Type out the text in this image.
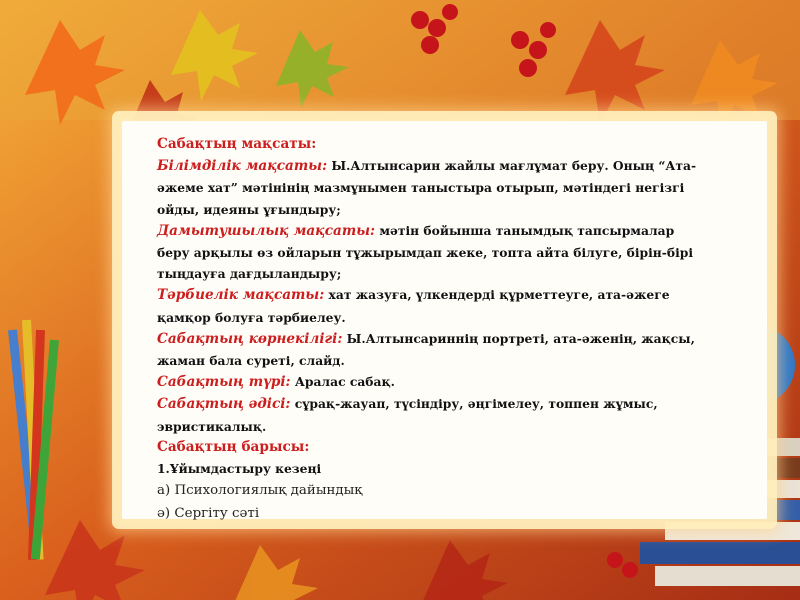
Сабақтың мақсаты:

Білімділік мақсаты: Ы.Алтынсарин жайлы мағлұмат беру. Оның “Ата-әжеме хат” мәтінінің мазмұнымен таныстыра отырып, мәтіндегі негізгі ойды, идеяны ұғындыру;

Дамытушылық мақсаты: мәтін бойынша танымдық тапсырмалар беру арқылы өз ойларын тұжырымдап жеке, топта айта білуге, бірін-бірі тыңдауға дағдыландыру;

Тәрбиелік мақсаты: хат жазуға, үлкендерді құрметтеуге, ата-әжеге қамқор болуға тәрбиелеу.

Сабақтың көрнекілігі: Ы.Алтынсариннің портреті, ата-әженің, жақсы, жаман бала суреті, слайд.

Сабақтың түрі: Аралас сабақ.

Сабақтың әдісі: сұрақ-жауап, түсіндіру, әңгімелеу, топпен жұмыс, эвристикалық.

Сабақтың барысы:

1.Ұйымдастыру кезеңі

а) Психологиялық дайындық

ә) Сергіту сәті
